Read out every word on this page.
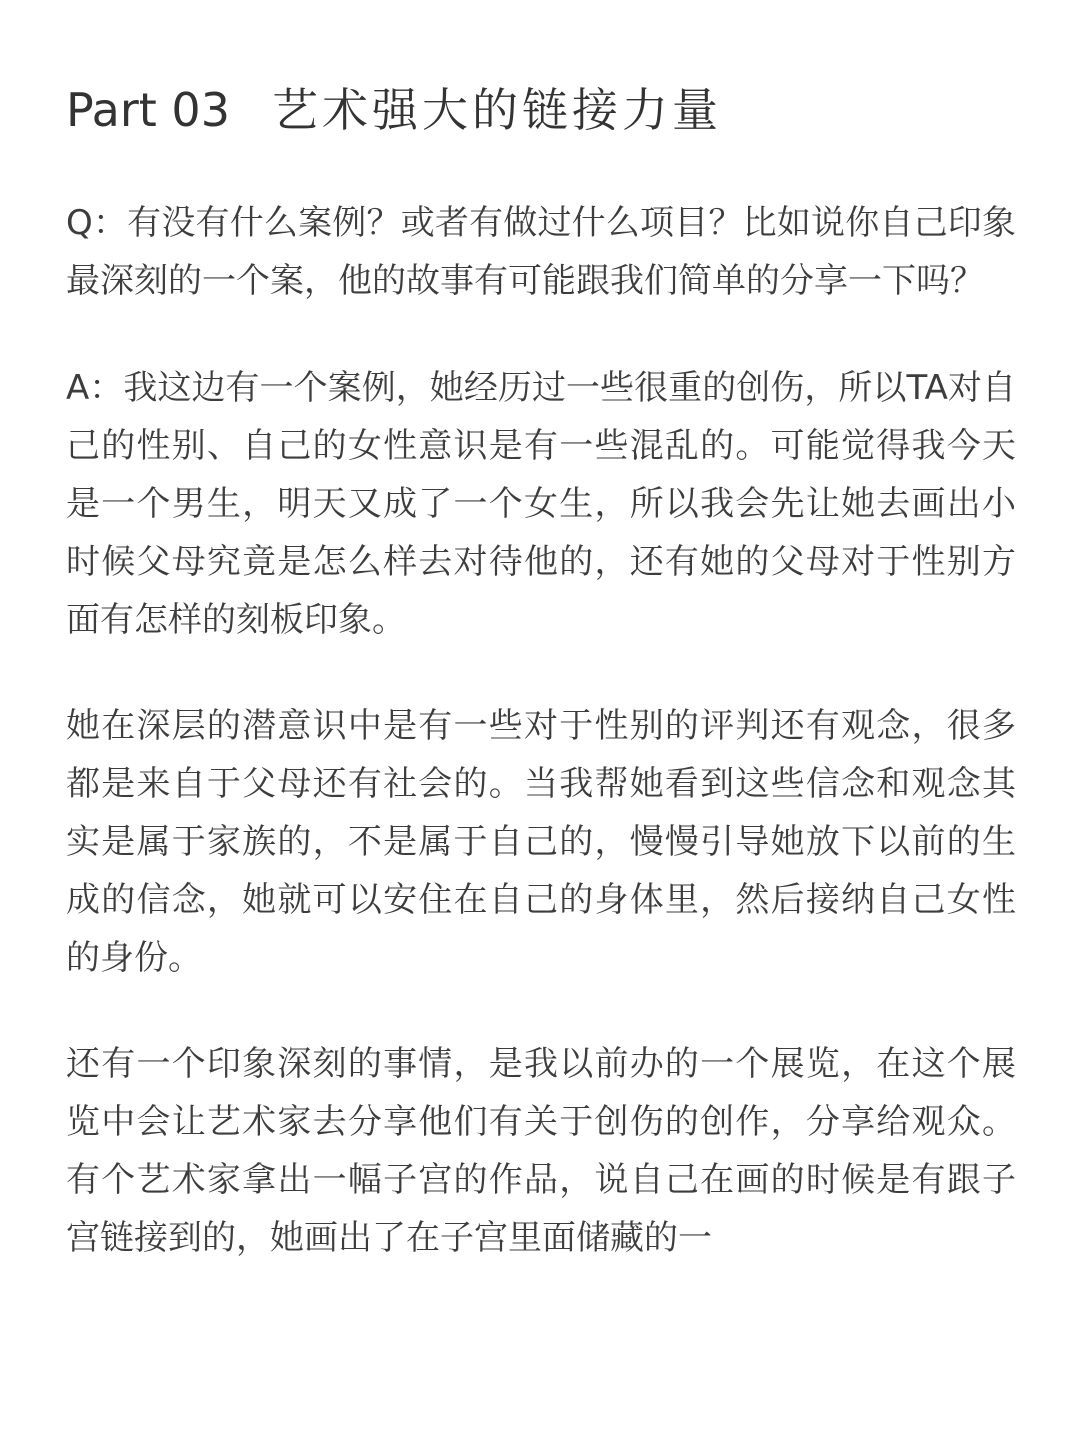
Part 03 艺术强大的链接力量

Q：有没有什么案例？或者有做过什么项目？比如说你自己印象最深刻的一个案，他的故事有可能跟我们简单的分享一下吗？

A：我这边有一个案例，她经历过一些很重的创伤，所以TA对自己的性别、自己的女性意识是有一些混乱的。可能觉得我今天是一个男生，明天又成了一个女生，所以我会先让她去画出小时候父母究竟是怎么样去对待他的，还有她的父母对于性别方面有怎样的刻板印象。

她在深层的潜意识中是有一些对于性别的评判还有观念，很多都是来自于父母还有社会的。当我帮她看到这些信念和观念其实是属于家族的，不是属于自己的，慢慢引导她放下以前的生成的信念，她就可以安住在自己的身体里，然后接纳自己女性的身份。

还有一个印象深刻的事情，是我以前办的一个展览，在这个展览中会让艺术家去分享他们有关于创伤的创作，分享给观众。有个艺术家拿出一幅子宫的作品，说自己在画的时候是有跟子宫链接到的，她画出了在子宫里面储藏的一
